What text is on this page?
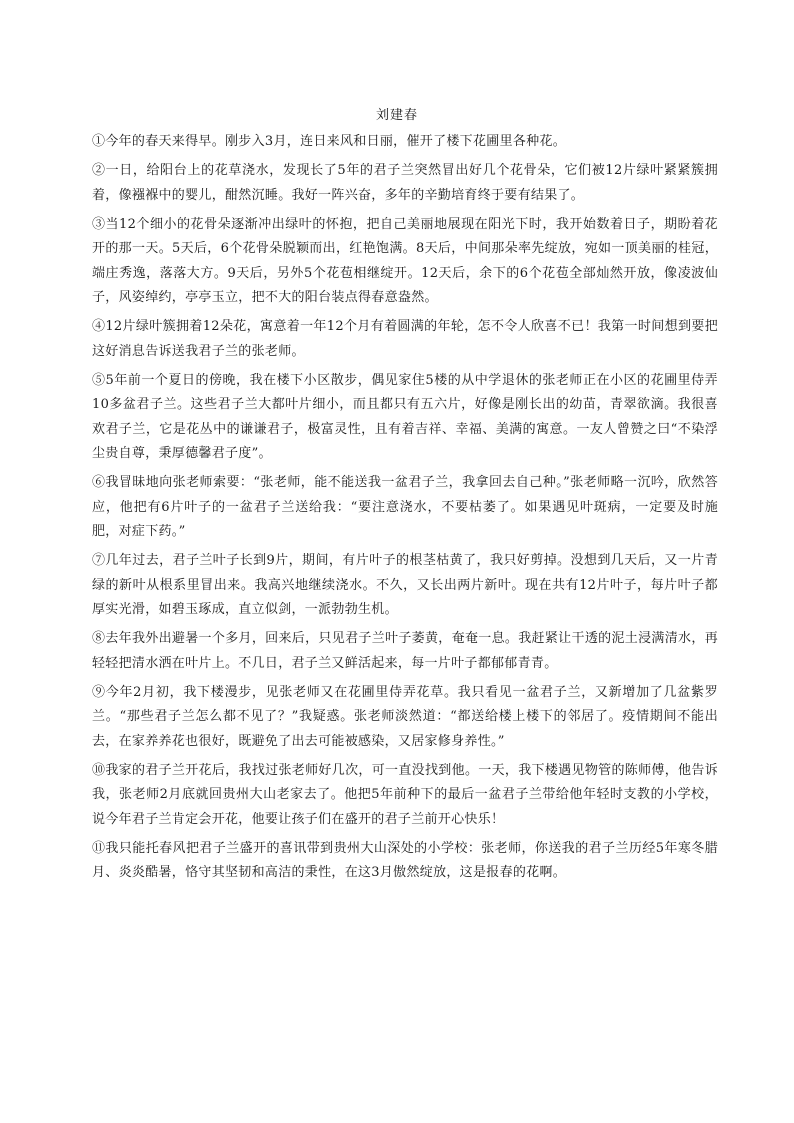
刘建春

①今年的春天来得早。刚步入3月，连日来风和日丽，催开了楼下花圃里各种花。

②一日，给阳台上的花草浇水，发现长了5年的君子兰突然冒出好几个花骨朵，它们被12片绿叶紧紧簇拥着，像襁褓中的婴儿，酣然沉睡。我好一阵兴奋，多年的辛勤培育终于要有结果了。

③当12个细小的花骨朵逐渐冲出绿叶的怀抱，把自己美丽地展现在阳光下时，我开始数着日子，期盼着花开的那一天。5天后，6个花骨朵脱颖而出，红艳饱满。8天后，中间那朵率先绽放，宛如一顶美丽的桂冠，端庄秀逸，落落大方。9天后，另外5个花苞相继绽开。12天后，余下的6个花苞全部灿然开放，像凌波仙子，风姿绰约，亭亭玉立，把不大的阳台装点得春意盎然。

④12片绿叶簇拥着12朵花，寓意着一年12个月有着圆满的年轮，怎不令人欣喜不已！我第一时间想到要把这好消息告诉送我君子兰的张老师。

⑤5年前一个夏日的傍晚，我在楼下小区散步，偶见家住5楼的从中学退休的张老师正在小区的花圃里侍弄10多盆君子兰。这些君子兰大都叶片细小，而且都只有五六片，好像是刚长出的幼苗，青翠欲滴。我很喜欢君子兰，它是花丛中的谦谦君子，极富灵性，且有着吉祥、幸福、美满的寓意。一友人曾赞之曰“不染浮尘贵自尊，秉厚德馨君子度”。

⑥我冒昧地向张老师索要：“张老师，能不能送我一盆君子兰，我拿回去自己种。”张老师略一沉吟，欣然答应，他把有6片叶子的一盆君子兰送给我：“要注意浇水，不要枯萎了。如果遇见叶斑病，一定要及时施肥，对症下药。”

⑦几年过去，君子兰叶子长到9片，期间，有片叶子的根茎枯黄了，我只好剪掉。没想到几天后，又一片青绿的新叶从根系里冒出来。我高兴地继续浇水。不久，又长出两片新叶。现在共有12片叶子，每片叶子都厚实光滑，如碧玉琢成，直立似剑，一派勃勃生机。

⑧去年我外出避暑一个多月，回来后，只见君子兰叶子萎黄，奄奄一息。我赶紧让干透的泥土浸满清水，再轻轻把清水洒在叶片上。不几日，君子兰又鲜活起来，每一片叶子都郁郁青青。

⑨今年2月初，我下楼漫步，见张老师又在花圃里侍弄花草。我只看见一盆君子兰，又新增加了几盆紫罗兰。“那些君子兰怎么都不见了？”我疑惑。张老师淡然道：“都送给楼上楼下的邻居了。疫情期间不能出去，在家养养花也很好，既避免了出去可能被感染，又居家修身养性。”

⑩我家的君子兰开花后，我找过张老师好几次，可一直没找到他。一天，我下楼遇见物管的陈师傅，他告诉我，张老师2月底就回贵州大山老家去了。他把5年前种下的最后一盆君子兰带给他年轻时支教的小学校，说今年君子兰肯定会开花，他要让孩子们在盛开的君子兰前开心快乐！

⑪我只能托春风把君子兰盛开的喜讯带到贵州大山深处的小学校：张老师，你送我的君子兰历经5年寒冬腊月、炎炎酷暑，恪守其坚韧和高洁的秉性，在这3月傲然绽放，这是报春的花啊。
